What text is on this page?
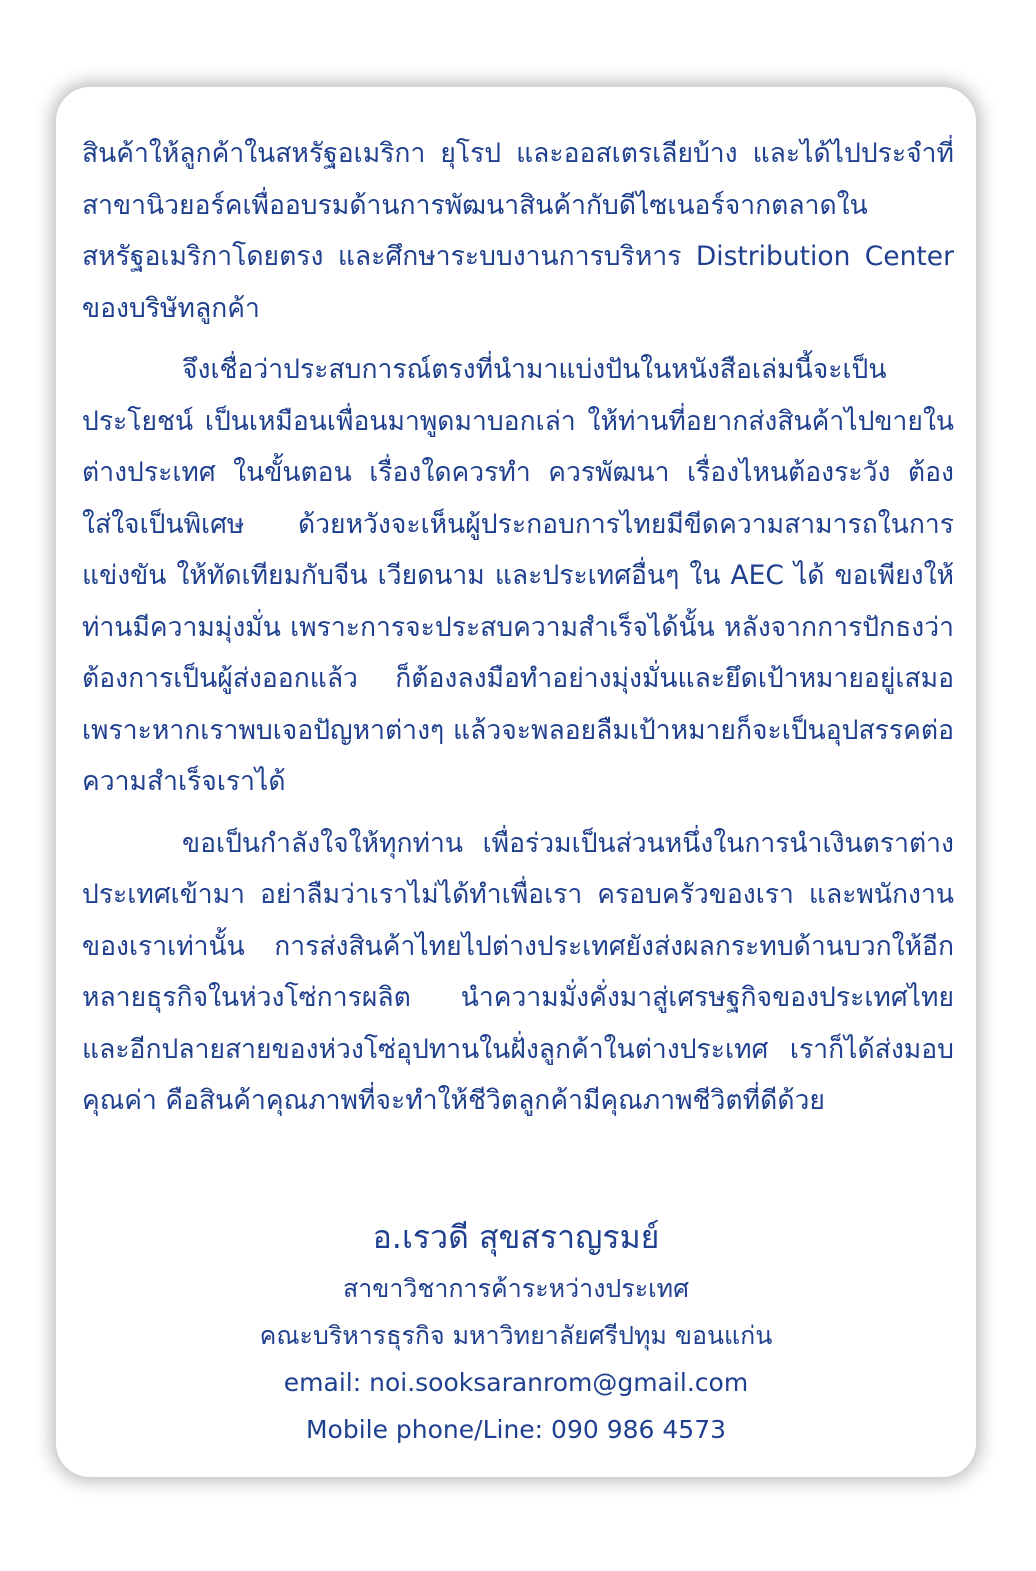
สินค้าให้ลูกค้าในสหรัฐอเมริกา ยุโรป และออสเตรเลียบ้าง และได้ไปประจำที่สาขานิวยอร์คเพื่ออบรมด้านการพัฒนาสินค้ากับดีไซเนอร์จากตลาดในสหรัฐอเมริกาโดยตรง และศึกษาระบบงานการบริหาร Distribution Center ของบริษัทลูกค้า

จึงเชื่อว่าประสบการณ์ตรงที่นำมาแบ่งปันในหนังสือเล่มนี้จะเป็นประโยชน์ เป็นเหมือนเพื่อนมาพูดมาบอกเล่า ให้ท่านที่อยากส่งสินค้าไปขายในต่างประเทศ ในขั้นตอน เรื่องใดควรทำ ควรพัฒนา เรื่องไหนต้องระวัง ต้องใส่ใจเป็นพิเศษ ด้วยหวังจะเห็นผู้ประกอบการไทยมีขีดความสามารถในการแข่งขัน ให้ทัดเทียมกับจีน เวียดนาม และประเทศอื่นๆ ใน AEC ได้ ขอเพียงให้ท่านมีความมุ่งมั่น เพราะการจะประสบความสำเร็จได้นั้น หลังจากการปักธงว่าต้องการเป็นผู้ส่งออกแล้ว ก็ต้องลงมือทำอย่างมุ่งมั่นและยึดเป้าหมายอยู่เสมอ เพราะหากเราพบเจอปัญหาต่างๆ แล้วจะพลอยลืมเป้าหมายก็จะเป็นอุปสรรคต่อความสำเร็จเราได้

ขอเป็นกำลังใจให้ทุกท่าน เพื่อร่วมเป็นส่วนหนึ่งในการนำเงินตราต่างประเทศเข้ามา อย่าลืมว่าเราไม่ได้ทำเพื่อเรา ครอบครัวของเรา และพนักงานของเราเท่านั้น การส่งสินค้าไทยไปต่างประเทศยังส่งผลกระทบด้านบวกให้อีกหลายธุรกิจในห่วงโซ่การผลิต นำความมั่งคั่งมาสู่เศรษฐกิจของประเทศไทย และอีกปลายสายของห่วงโซ่อุปทานในฝั่งลูกค้าในต่างประเทศ เราก็ได้ส่งมอบคุณค่า คือสินค้าคุณภาพที่จะทำให้ชีวิตลูกค้ามีคุณภาพชีวิตที่ดีด้วย

อ.เรวดี สุขสราญรมย์

สาขาวิชาการค้าระหว่างประเทศ

คณะบริหารธุรกิจ มหาวิทยาลัยศรีปทุม ขอนแก่น

email: noi.sooksaranrom@gmail.com

Mobile phone/Line: 090 986 4573
